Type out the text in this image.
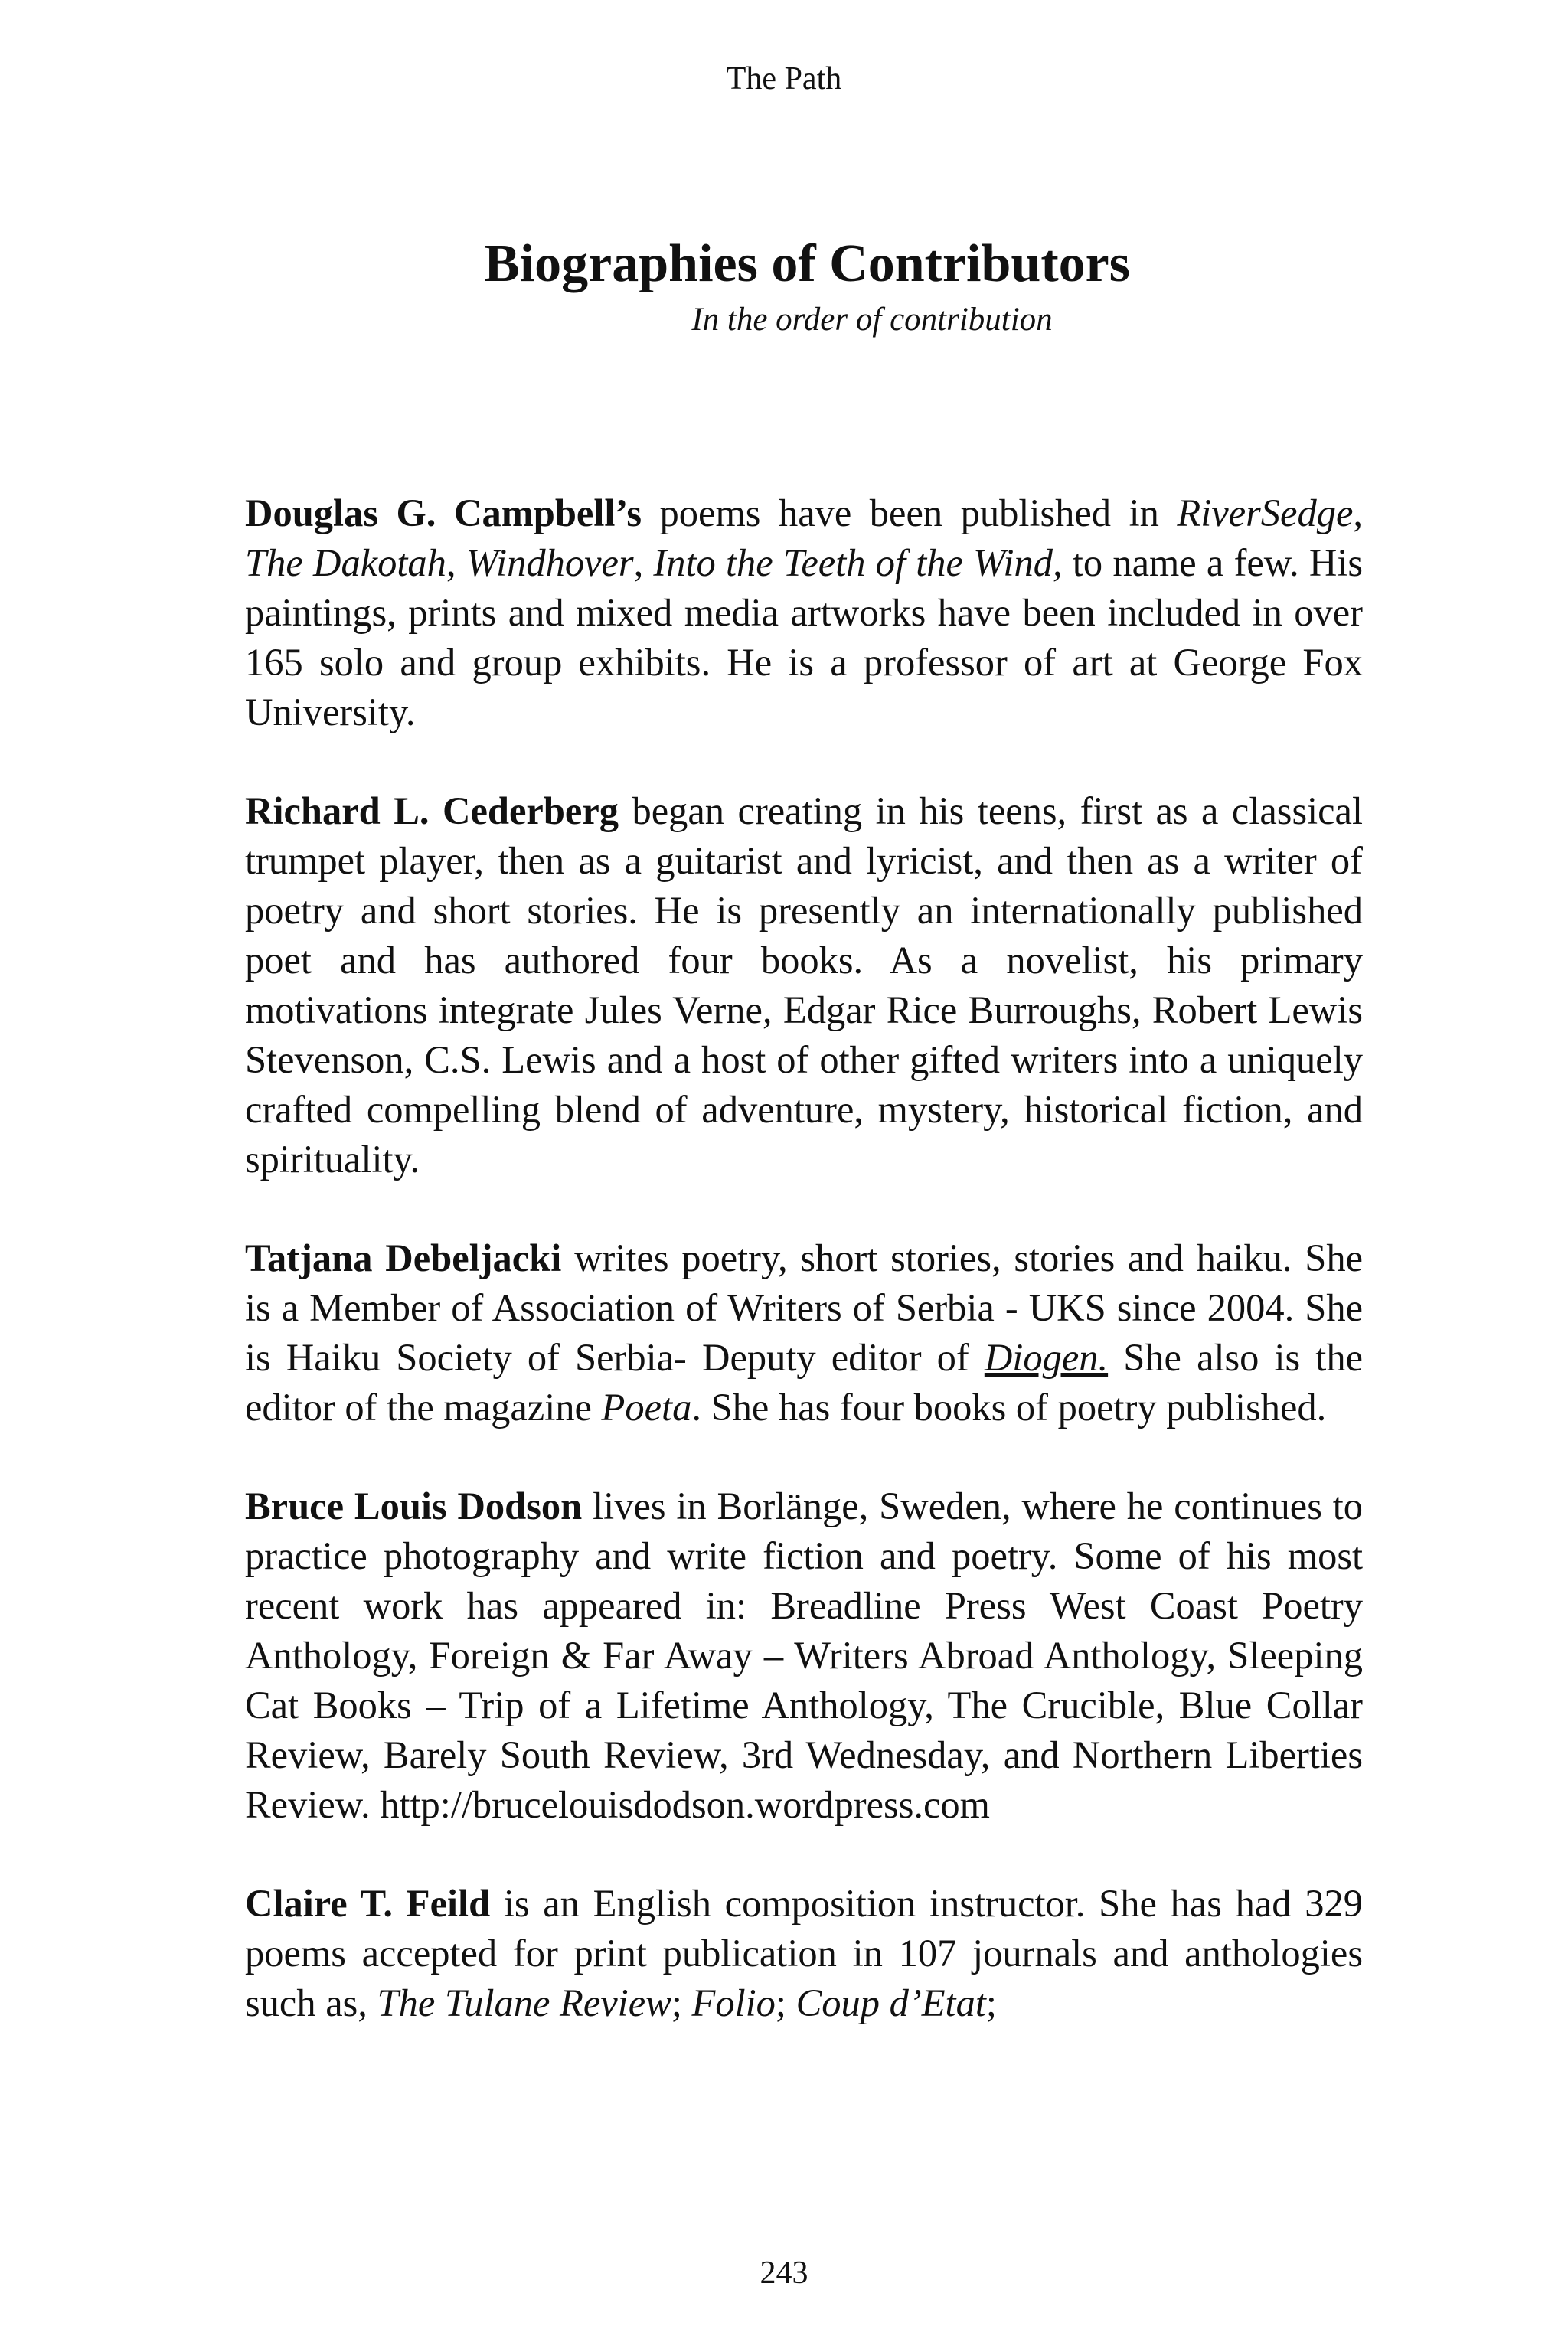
The Path
Biographies of Contributors
In the order of contribution

Douglas G. Campbell’s poems have been published in RiverSedge, The Dakotah, Windhover, Into the Teeth of the Wind, to name a few. His paintings, prints and mixed media artworks have been included in over 165 solo and group exhibits. He is a professor of art at George Fox University.

Richard L. Cederberg began creating in his teens, first as a classical trumpet player, then as a guitarist and lyricist, and then as a writer of poetry and short stories. He is presently an internationally published poet and has authored four books. As a novelist, his primary motivations integrate Jules Verne, Edgar Rice Burroughs, Robert Lewis Stevenson, C.S. Lewis and a host of other gifted writers into a uniquely crafted compelling blend of adventure, mystery, historical fiction, and spirituality.

Tatjana Debeljacki writes poetry, short stories, stories and haiku. She is a Member of Association of Writers of Serbia - UKS since 2004. She is Haiku Society of Serbia- Deputy editor of Diogen. She also is the editor of the magazine Poeta. She has four books of poetry published.

Bruce Louis Dodson lives in Borlänge, Sweden, where he continues to practice photography and write fiction and poetry. Some of his most recent work has appeared in: Breadline Press West Coast Poetry Anthology, Foreign & Far Away – Writers Abroad Anthology, Sleeping Cat Books – Trip of a Lifetime Anthology, The Crucible, Blue Collar Review, Barely South Review, 3rd Wednesday, and Northern Liberties Review. http://brucelouisdodson.wordpress.com

Claire T. Feild is an English composition instructor. She has had 329 poems accepted for print publication in 107 journals and anthologies such as, The Tulane Review; Folio; Coup d’Etat;

243
